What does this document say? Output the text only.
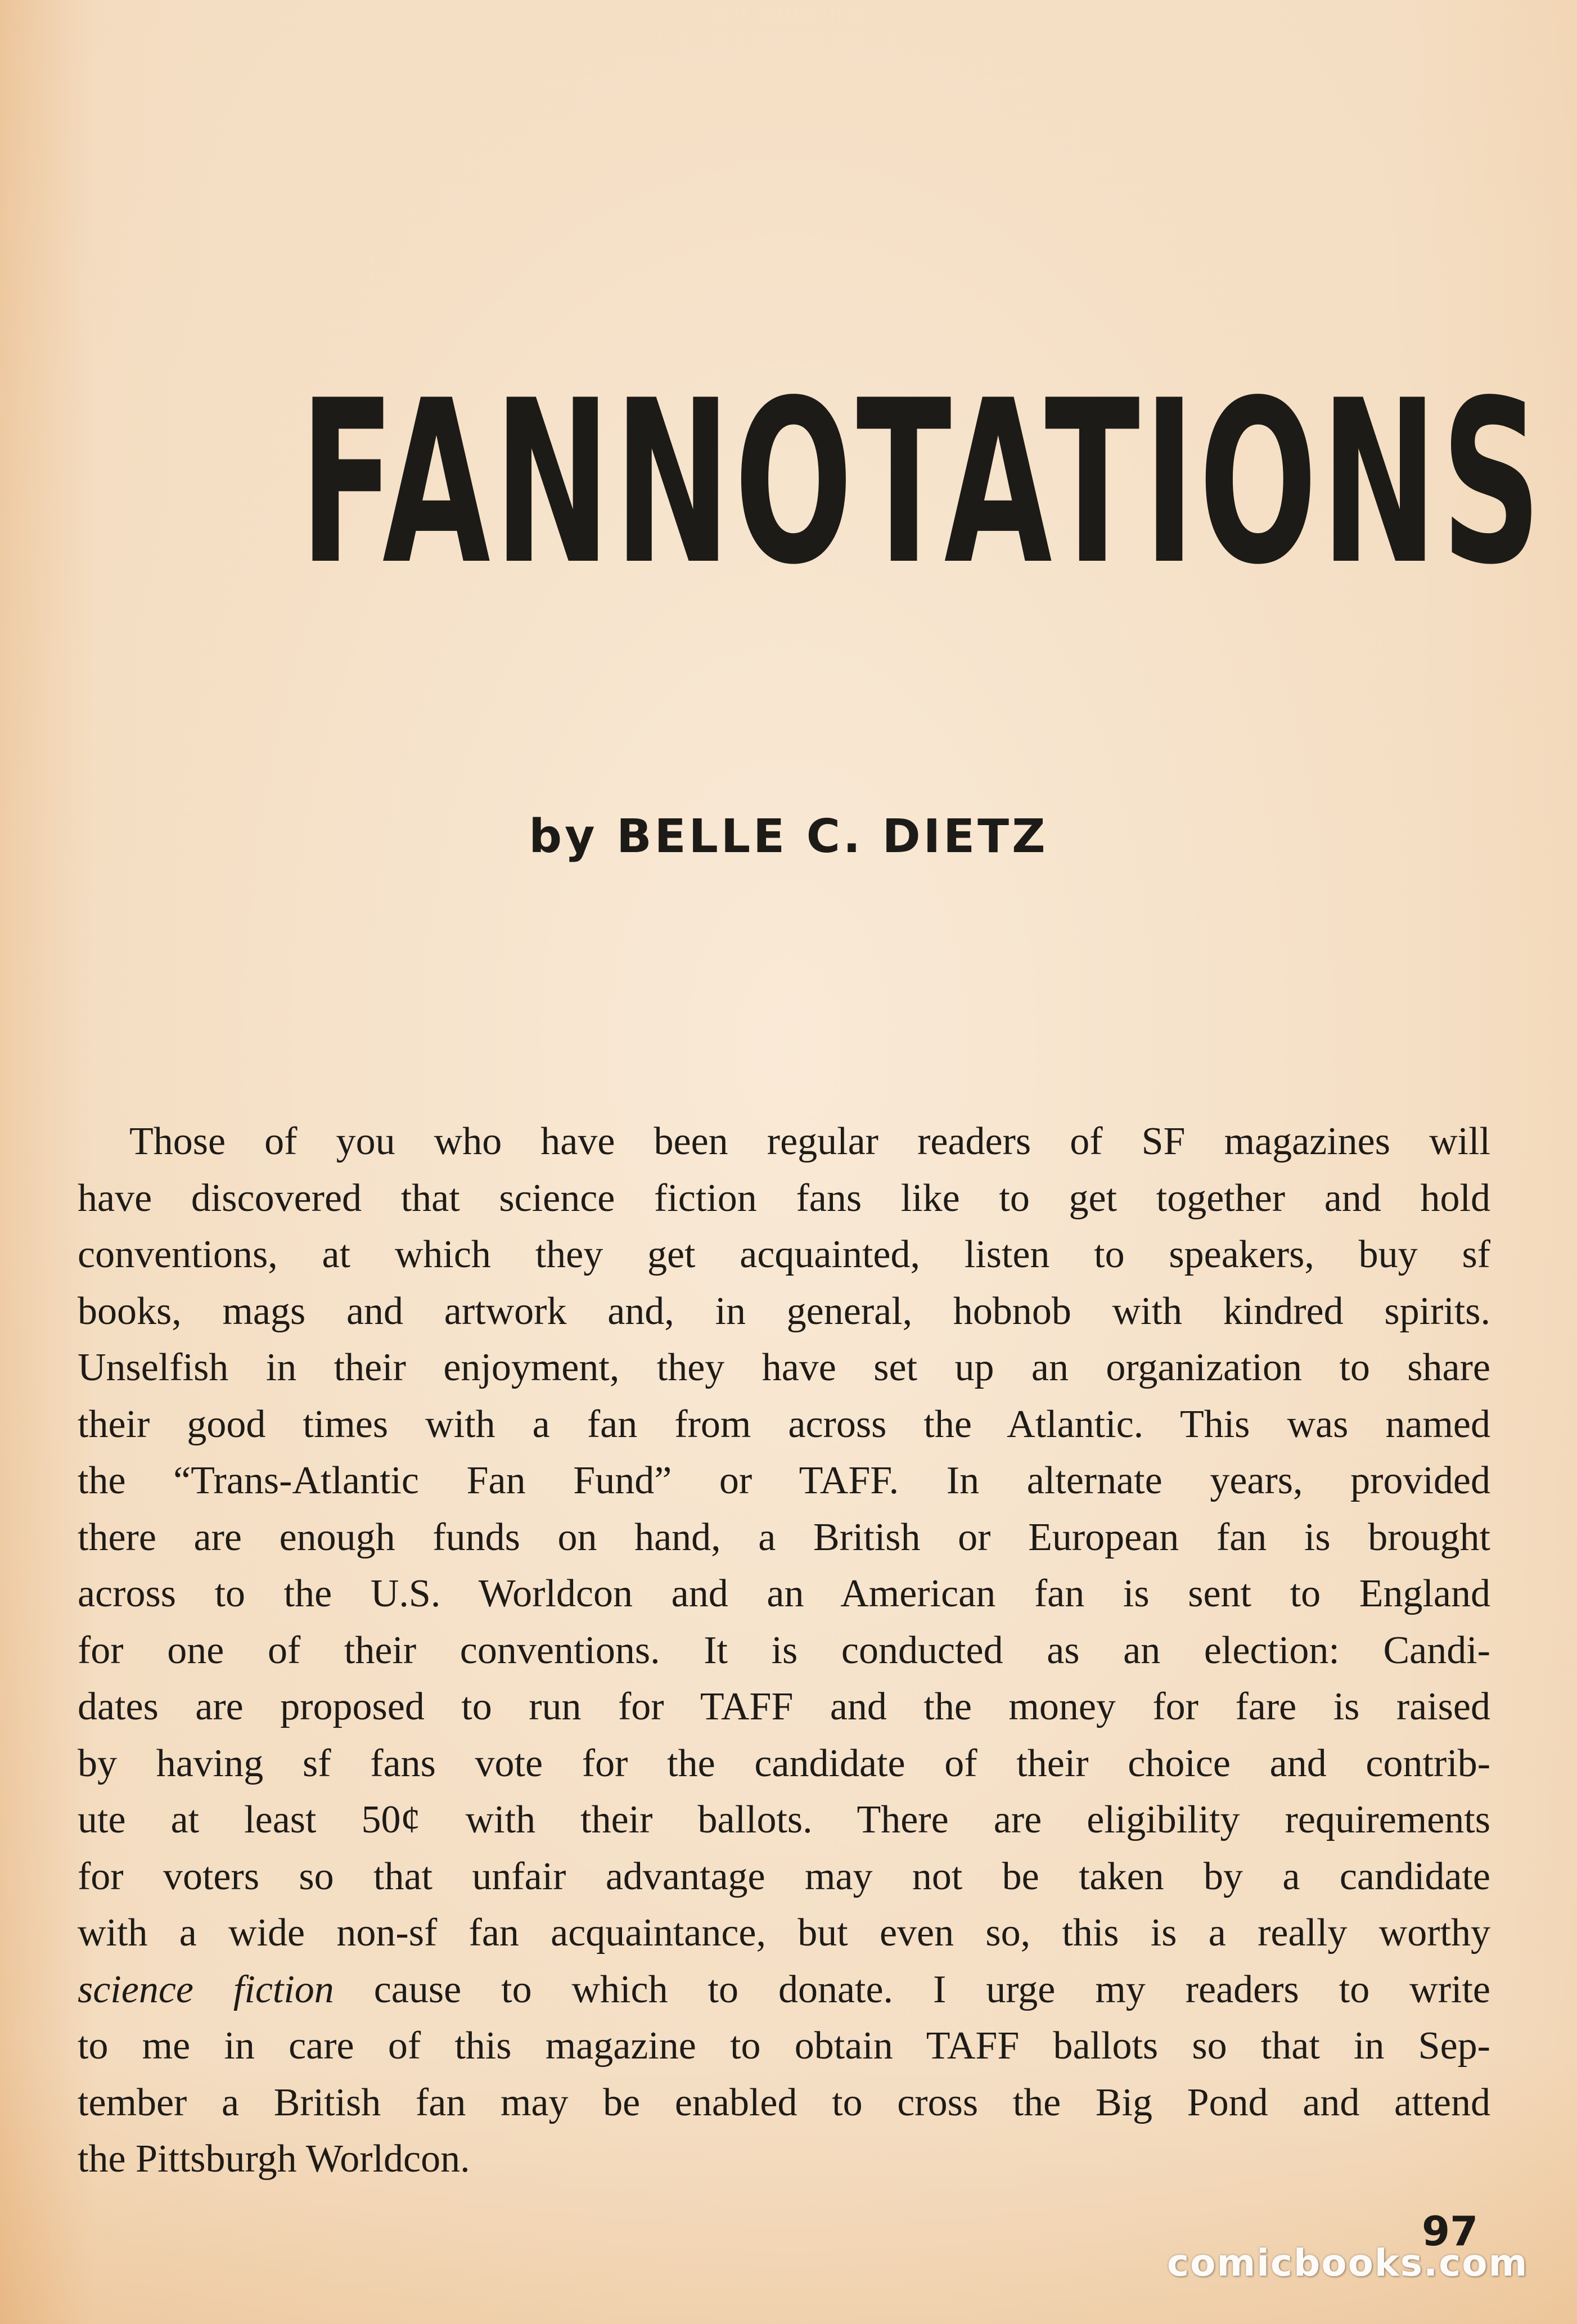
FANNOTATIONS
by BELLE C. DIETZ
Those of you who have been regular readers of SF magazines will
have discovered that science fiction fans like to get together and hold
conventions, at which they get acquainted, listen to speakers, buy sf
books, mags and artwork and, in general, hobnob with kindred spirits.
Unselfish in their enjoyment, they have set up an organization to share
their good times with a fan from across the Atlantic. This was named
the “Trans-Atlantic Fan Fund” or TAFF. In alternate years, provided
there are enough funds on hand, a British or European fan is brought
across to the U.S. Worldcon and an American fan is sent to England
for one of their conventions. It is conducted as an election: Candi-
dates are proposed to run for TAFF and the money for fare is raised
by having sf fans vote for the candidate of their choice and contrib-
ute at least 50¢ with their ballots. There are eligibility requirements
for voters so that unfair advantage may not be taken by a candidate
with a wide non-sf fan acquaintance, but even so, this is a really worthy
science fiction cause to which to donate. I urge my readers to write
to me in care of this magazine to obtain TAFF ballots so that in Sep-
tember a British fan may be enabled to cross the Big Pond and attend
the Pittsburgh Worldcon.
97
comicbooks.com
